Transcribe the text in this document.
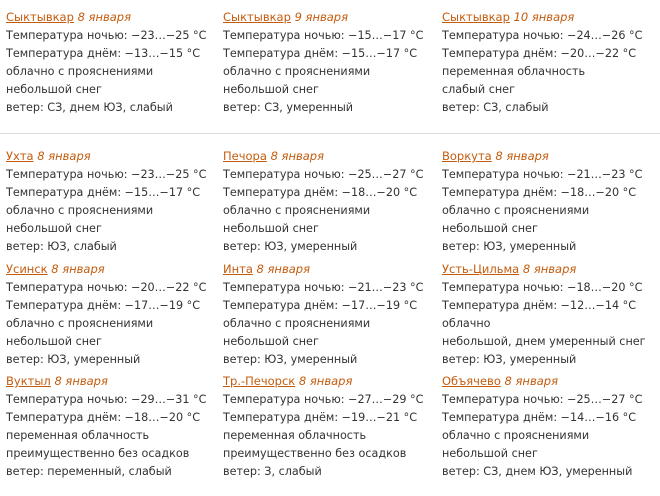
Сыктывкар 8 января
Температура ночью: −23…−25 °C
Температура днём: −13…−15 °C
облачно с прояснениями
небольшой снег
ветер: СЗ, днем ЮЗ, слабый
Сыктывкар 9 января
Температура ночью: −15…−17 °C
Температура днём: −15…−17 °C
облачно с прояснениями
небольшой снег
ветер: СЗ, умеренный
Сыктывкар 10 января
Температура ночью: −24…−26 °C
Температура днём: −20…−22 °C
переменная облачность
слабый снег
ветер: СЗ, слабый
Ухта 8 января
Температура ночью: −23…−25 °C
Температура днём: −15…−17 °C
облачно с прояснениями
небольшой снег
ветер: ЮЗ, слабый
Печора 8 января
Температура ночью: −25…−27 °C
Температура днём: −18…−20 °C
облачно с прояснениями
небольшой снег
ветер: ЮЗ, умеренный
Воркута 8 января
Температура ночью: −21…−23 °C
Температура днём: −18…−20 °C
облачно с прояснениями
небольшой снег
ветер: ЮЗ, умеренный
Усинск 8 января
Температура ночью: −20…−22 °C
Температура днём: −17…−19 °C
облачно с прояснениями
небольшой снег
ветер: ЮЗ, умеренный
Инта 8 января
Температура ночью: −21…−23 °C
Температура днём: −17…−19 °C
облачно с прояснениями
небольшой снег
ветер: ЮЗ, умеренный
Усть-Цильма 8 января
Температура ночью: −18…−20 °C
Температура днём: −12…−14 °C
облачно
небольшой, днем умеренный снег
ветер: ЮЗ, умеренный
Вуктыл 8 января
Температура ночью: −29…−31 °C
Температура днём: −18…−20 °C
переменная облачность
преимущественно без осадков
ветер: переменный, слабый
Тр.-Печорск 8 января
Температура ночью: −27…−29 °C
Температура днём: −19…−21 °C
переменная облачность
преимущественно без осадков
ветер: З, слабый
Объячево 8 января
Температура ночью: −25…−27 °C
Температура днём: −14…−16 °C
облачно с прояснениями
небольшой снег
ветер: СЗ, днем ЮЗ, умеренный
